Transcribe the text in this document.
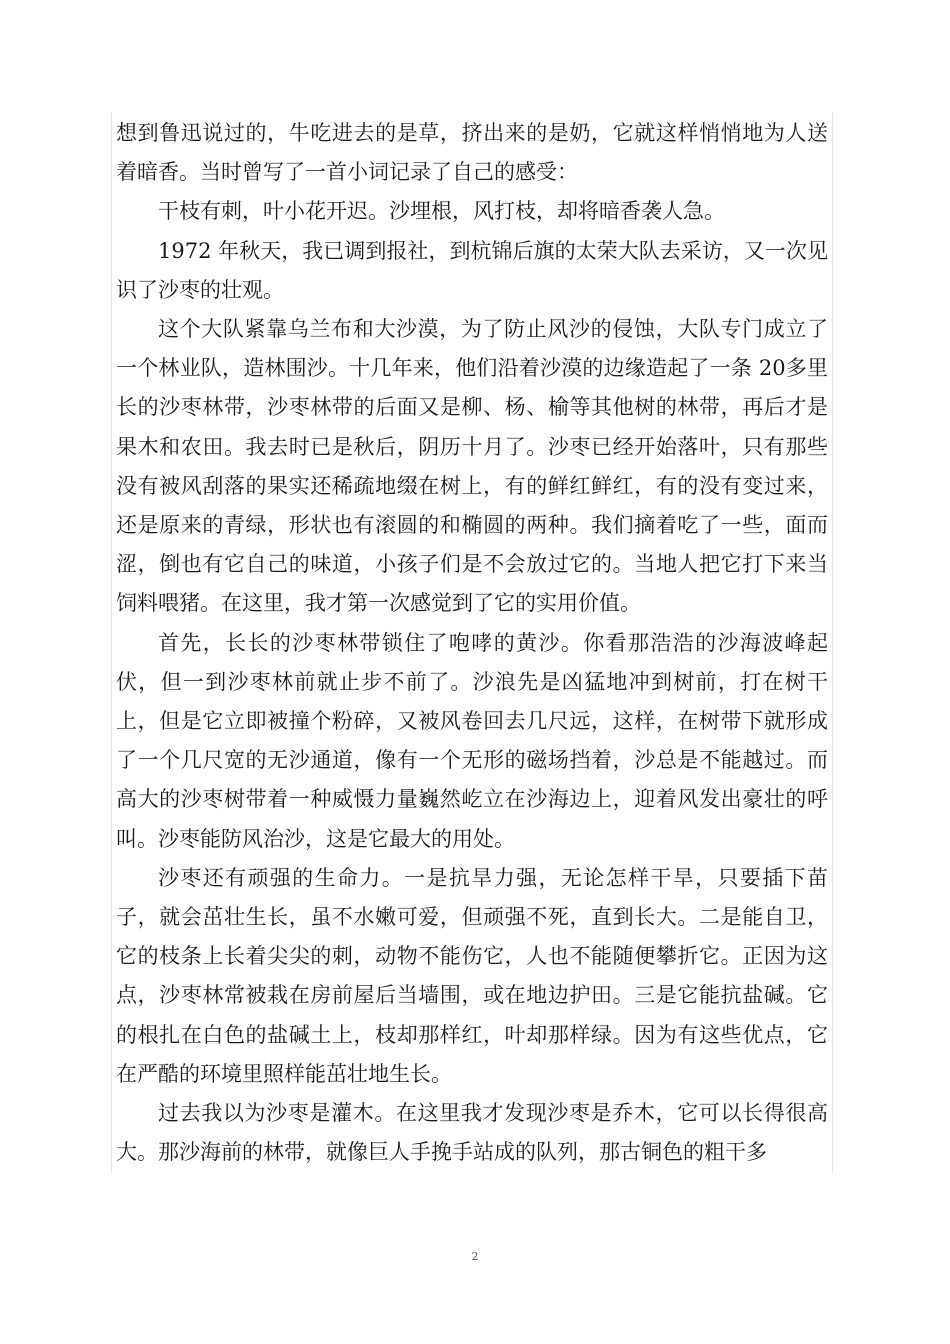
想到鲁迅说过的，牛吃进去的是草，挤出来的是奶，它就这样悄悄地为人送着暗香。当时曾写了一首小词记录了自己的感受：

干枝有刺，叶小花开迟。沙埋根，风打枝，却将暗香袭人急。

1972 年秋天，我已调到报社，到杭锦后旗的太荣大队去采访，又一次见识了沙枣的壮观。

这个大队紧靠乌兰布和大沙漠，为了防止风沙的侵蚀，大队专门成立了一个林业队，造林围沙。十几年来，他们沿着沙漠的边缘造起了一条 20多里长的沙枣林带，沙枣林带的后面又是柳、杨、榆等其他树的林带，再后才是果木和农田。我去时已是秋后，阴历十月了。沙枣已经开始落叶，只有那些没有被风刮落的果实还稀疏地缀在树上，有的鲜红鲜红，有的没有变过来，还是原来的青绿，形状也有滚圆的和椭圆的两种。我们摘着吃了一些，面而涩，倒也有它自己的味道，小孩子们是不会放过它的。当地人把它打下来当饲料喂猪。在这里，我才第一次感觉到了它的实用价值。

首先，长长的沙枣林带锁住了咆哮的黄沙。你看那浩浩的沙海波峰起伏，但一到沙枣林前就止步不前了。沙浪先是凶猛地冲到树前，打在树干上，但是它立即被撞个粉碎，又被风卷回去几尺远，这样，在树带下就形成了一个几尺宽的无沙通道，像有一个无形的磁场挡着，沙总是不能越过。而高大的沙枣树带着一种威慑力量巍然屹立在沙海边上，迎着风发出豪壮的呼叫。沙枣能防风治沙，这是它最大的用处。

沙枣还有顽强的生命力。一是抗旱力强，无论怎样干旱，只要插下苗子，就会茁壮生长，虽不水嫩可爱，但顽强不死，直到长大。二是能自卫，它的枝条上长着尖尖的刺，动物不能伤它，人也不能随便攀折它。正因为这点，沙枣林常被栽在房前屋后当墙围，或在地边护田。三是它能抗盐碱。它的根扎在白色的盐碱土上，枝却那样红，叶却那样绿。因为有这些优点，它在严酷的环境里照样能茁壮地生长。

过去我以为沙枣是灌木。在这里我才发现沙枣是乔木，它可以长得很高大。那沙海前的林带，就像巨人手挽手站成的队列，那古铜色的粗干多

2
